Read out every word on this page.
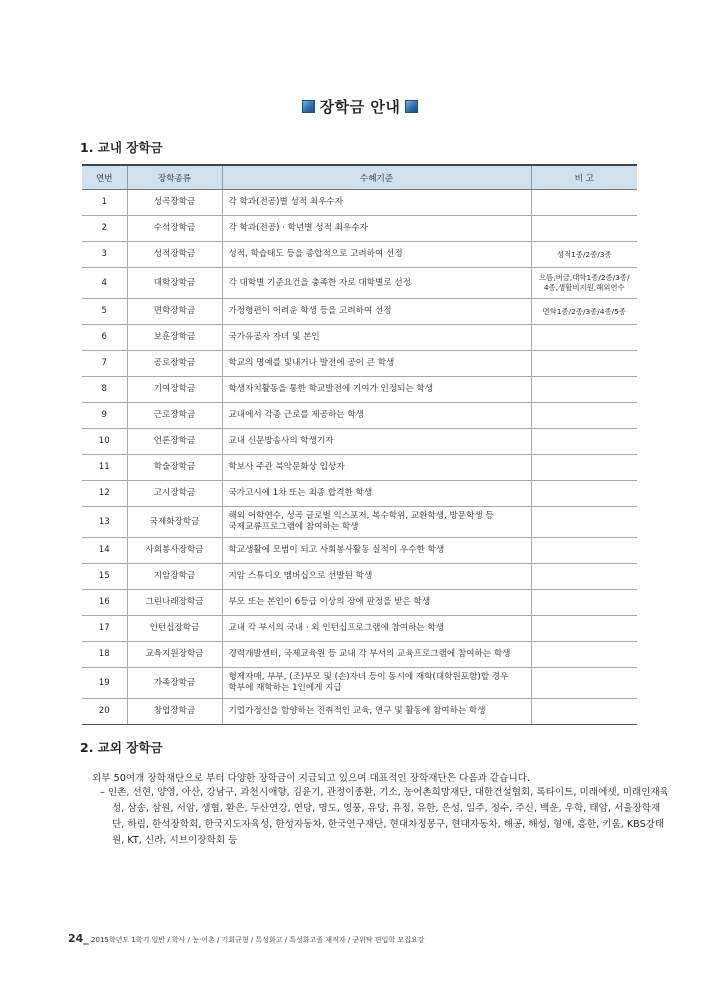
장학금 안내
1. 교내 장학금
연번	장학종류	수혜기준	비 고
1	성곡장학금	각 학과(전공)별 성적 최우수자	

2	수석장학금	각 학과(전공) · 학년별 성적 최우수자	

3	성적장학금	성적, 학습태도 등을 종합적으로 고려하여 선정	성적1종/2종/3종

4	대학장학금	각 대학별 기준요건을 충족한 자로 대학별로 선정	으뜸,버금,대학1종/2종/3종/
4종,생활비지원,해외연수

5	면학장학금	가정형편이 어려운 학생 등을 고려하여 선정	면학1종/2종/3종/4종/5종

6	보훈장학금	국가유공자 자녀 및 본인	

7	공로장학금	학교의 명예를 빛내거나 발전에 공이 큰 학생	

8	기여장학금	학생자치활동을 통한 학교발전에 기여가 인정되는 학생	

9	근로장학금	교내에서 각종 근로를 제공하는 학생	

10	언론장학금	교내 신문방송사의 학생기자	

11	학술장학금	학보사 주관 북악문화상 입상자	

12	고시장학금	국가고시에 1차 또는 최종 합격한 학생	

13	국제화장학금	해외 어학연수, 성곡 글로벌 익스포저, 복수학위, 교환학생, 방문학생 등
국제교류프로그램에 참여하는 학생	

14	사회봉사장학금	학교생활에 모범이 되고 사회봉사활동 실적이 우수한 학생	

15	지암장학금	지암 스튜디오 멤버십으로 선발된 학생	

16	그린나래장학금	부모 또는 본인이 6등급 이상의 장애 판정을 받은 학생	

17	인턴십장학금	교내 각 부서의 국내 · 외 인턴십프로그램에 참여하는 학생	

18	교육지원장학금	경력개발센터, 국제교육원 등 교내 각 부서의 교육프로그램에 참여하는 학생	

19	가족장학금	형제자매, 부부, (조)부모 및 (손)자녀 등이 동시에 재학(대학원포함)할 경우
학부에 재학하는 1인에게 지급	

20	창업장학금	기업가정신을 함양하는 진취적인 교육, 연구 및 활동에 참여하는 학생	

2. 교외 장학금
외부 50여개 장학재단으로 부터 다양한 장학금이 지급되고 있으며 대표적인 장학재단은 다음과 같습니다.
– 인촌, 선현, 양영, 아산, 강남구, 과천시애향, 김윤기, 관정이종환, 기소, 농어촌희망재단, 대한건설협회, 록타이트, 미래에셋, 미래인재육성, 삼송, 삼원, 서암, 생협, 환은, 두산연강, 연당, 명도, 영풍, 유당, 유정, 유한, 은성, 일주, 정수, 주신, 백운, 우학, 태암, 서울장학재단, 하림, 한석장학회, 한국지도자육성, 한성자동차, 한국연구재단, 현대차정몽구, 현대자동차, 해공, 해성, 형애, 흥한, 키움, KBS강태원, KT, 신라, 시브이장학회 등
24_ 2015학년도 1학기 일반 / 학사 / 농·어촌 / 기회균형 / 특성화고 / 특성화고졸 재직자 / 군위탁 편입학 모집요강
